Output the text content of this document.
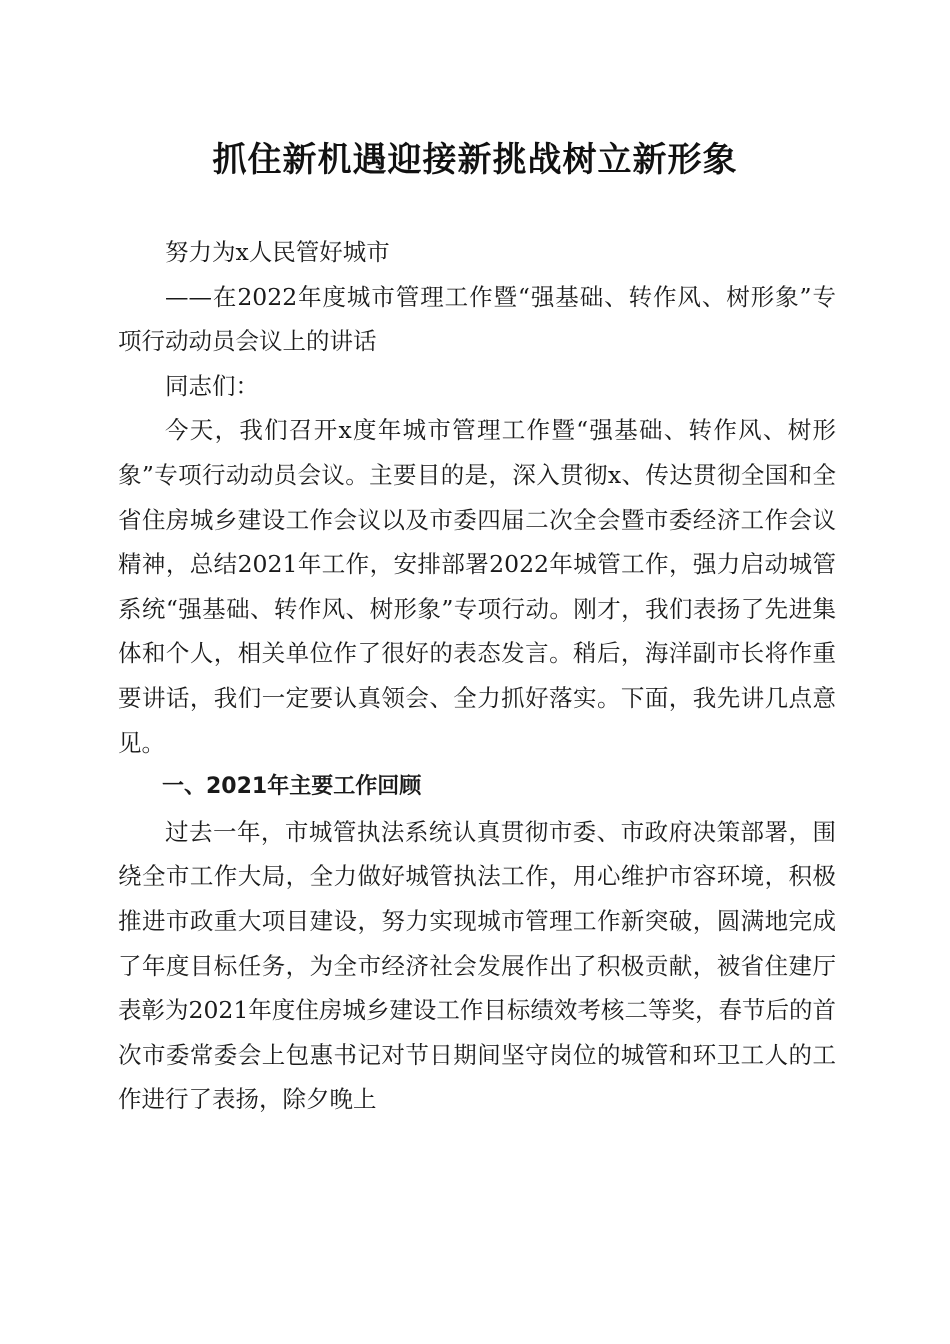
抓住新机遇迎接新挑战树立新形象

努力为x人民管好城市

——在2022年度城市管理工作暨“强基础、转作风、树形象”专项行动动员会议上的讲话

同志们：

今天，我们召开x度年城市管理工作暨“强基础、转作风、树形象”专项行动动员会议。主要目的是，深入贯彻x、传达贯彻全国和全省住房城乡建设工作会议以及市委四届二次全会暨市委经济工作会议精神，总结2021年工作，安排部署2022年城管工作，强力启动城管系统“强基础、转作风、树形象”专项行动。刚才，我们表扬了先进集体和个人，相关单位作了很好的表态发言。稍后，海洋副市长将作重要讲话，我们一定要认真领会、全力抓好落实。下面，我先讲几点意见。

一、2021年主要工作回顾

过去一年，市城管执法系统认真贯彻市委、市政府决策部署，围绕全市工作大局，全力做好城管执法工作，用心维护市容环境，积极推进市政重大项目建设，努力实现城市管理工作新突破，圆满地完成了年度目标任务，为全市经济社会发展作出了积极贡献，被省住建厅表彰为2021年度住房城乡建设工作目标绩效考核二等奖，春节后的首次市委常委会上包惠书记对节日期间坚守岗位的城管和环卫工人的工作进行了表扬，除夕晚上
